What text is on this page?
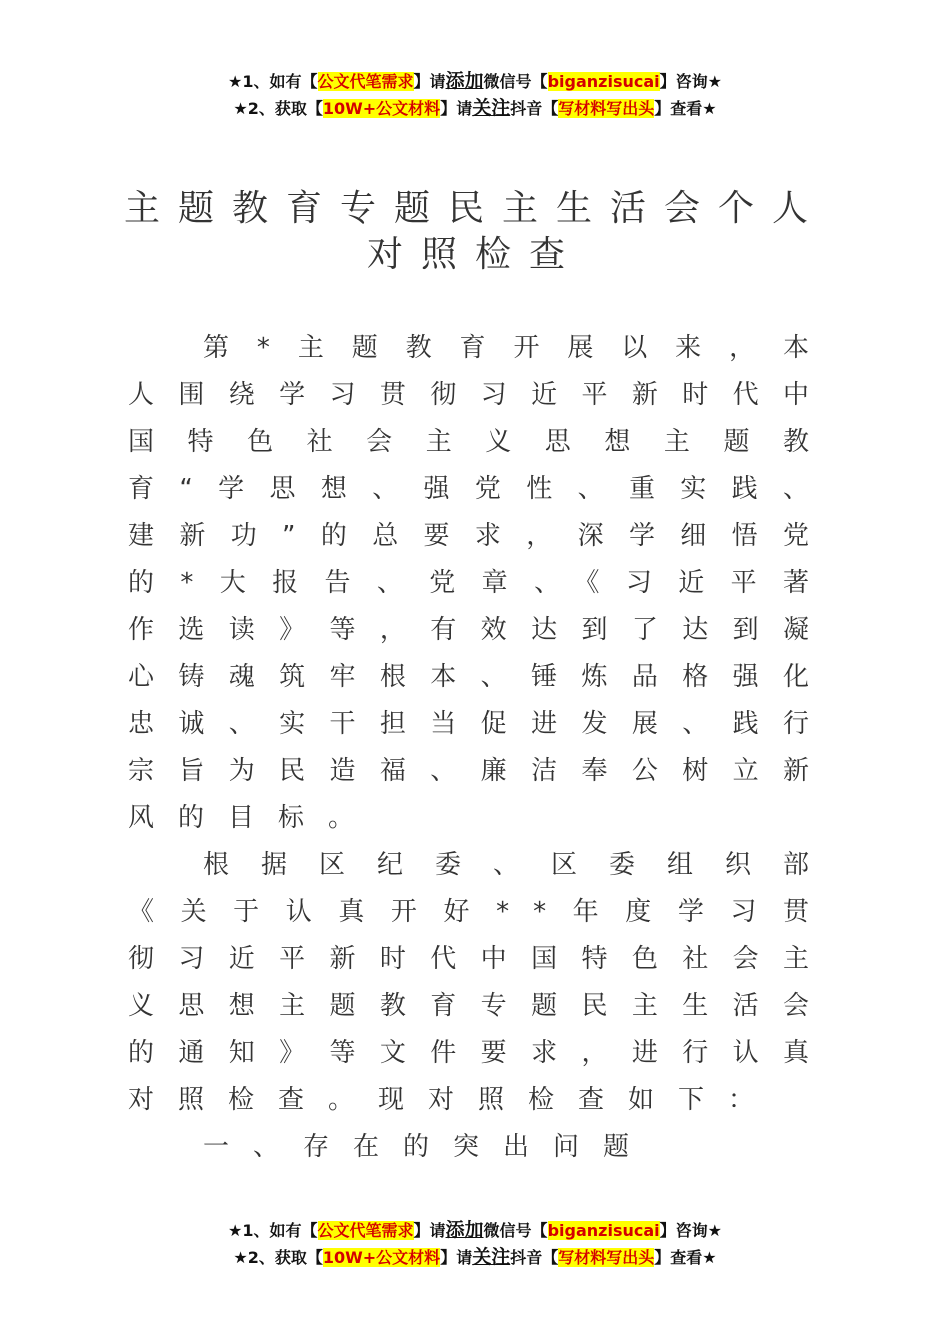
★1、如有【公文代笔需求】请添加微信号【biganzisucai】咨询★
★2、获取【10W+公文材料】请关注抖音【写材料写出头】查看★
主题教育专题民主生活会个人对照检查

第*主题教育开展以来，本人围绕学习贯彻习近平新时代中国特色社会主义思想主题教育“学思想、强党性、重实践、建新功”的总要求，深学细悟党的*大报告、党章、《习近平著作选读》等，有效达到了达到凝心铸魂筑牢根本、锤炼品格强化忠诚、实干担当促进发展、践行宗旨为民造福、廉洁奉公树立新风的目标。

根据区纪委、区委组织部《关于认真开好**年度学习贯彻习近平新时代中国特色社会主义思想主题教育专题民主生活会的通知》等文件要求，进行认真对照检查。现对照检查如下：

一、存在的突出问题

★1、如有【公文代笔需求】请添加微信号【biganzisucai】咨询★
★2、获取【10W+公文材料】请关注抖音【写材料写出头】查看★
